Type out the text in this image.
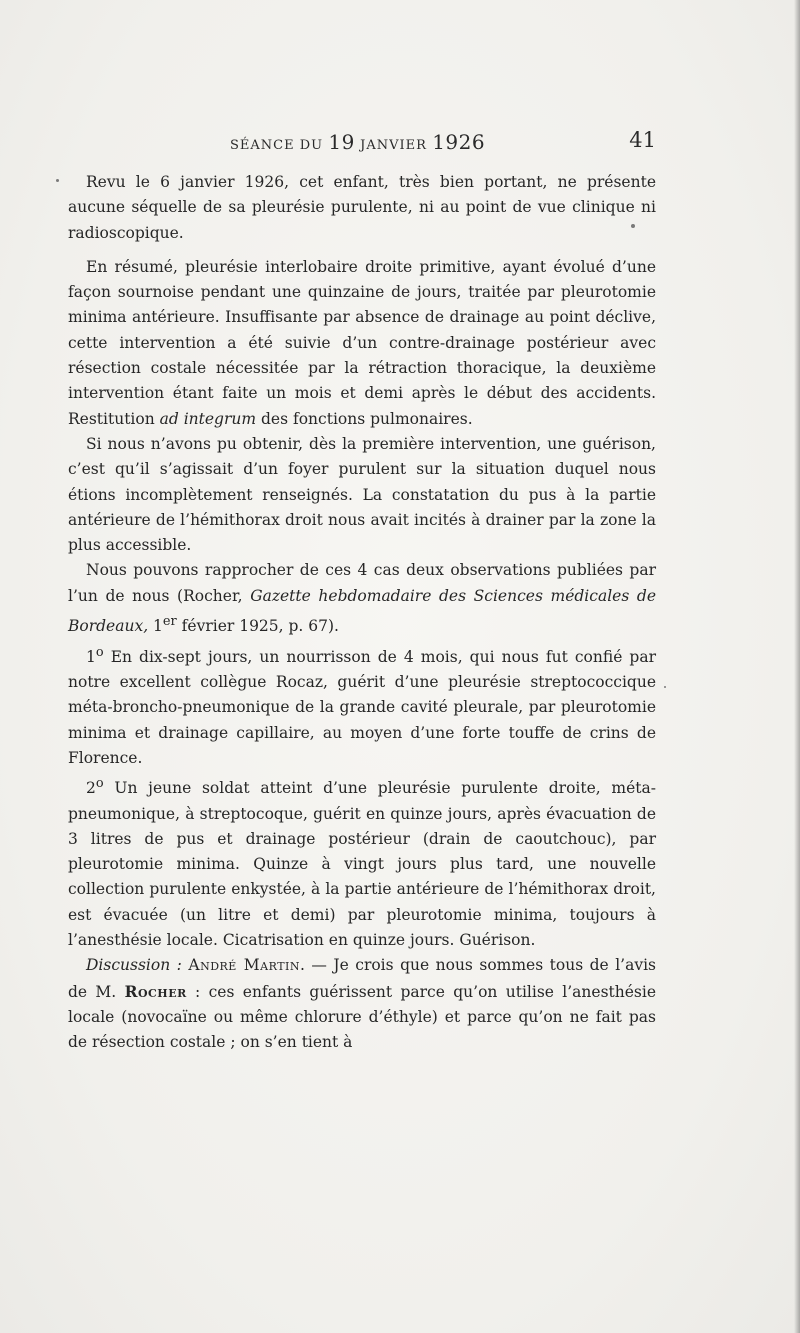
SÉANCE DU 19 JANVIER 1926	41

Revu le 6 janvier 1926, cet enfant, très bien portant, ne présente aucune séquelle de sa pleurésie purulente, ni au point de vue clinique ni radioscopique.

En résumé, pleurésie interlobaire droite primitive, ayant évolué d’une façon sournoise pendant une quinzaine de jours, traitée par pleurotomie minima antérieure. Insuffisante par absence de drainage au point déclive, cette intervention a été suivie d’un contre-drainage postérieur avec résection costale nécessitée par la rétraction thoracique, la deuxième intervention étant faite un mois et demi après le début des accidents. Restitution ad integrum des fonctions pulmonaires.

Si nous n’avons pu obtenir, dès la première intervention, une guérison, c’est qu’il s’agissait d’un foyer purulent sur la situation duquel nous étions incomplètement renseignés. La constatation du pus à la partie antérieure de l’hémithorax droit nous avait incités à drainer par la zone la plus accessible.

Nous pouvons rapprocher de ces 4 cas deux observations publiées par l’un de nous (Rocher, Gazette hebdomadaire des Sciences médicales de Bordeaux, 1er février 1925, p. 67).

1$^o$ En dix-sept jours, un nourrisson de 4 mois, qui nous fut confié par notre excellent collègue Rocaz, guérit d’une pleurésie streptococcique méta-broncho-pneumonique de la grande cavité pleurale, par pleurotomie minima et drainage capillaire, au moyen d’une forte touffe de crins de Florence.

2$^o$ Un jeune soldat atteint d’une pleurésie purulente droite, méta-pneumonique, à streptocoque, guérit en quinze jours, après évacuation de 3 litres de pus et drainage postérieur (drain de caoutchouc), par pleurotomie minima. Quinze à vingt jours plus tard, une nouvelle collection purulente enkystée, à la partie antérieure de l’hémithorax droit, est évacuée (un litre et demi) par pleurotomie minima, toujours à l’anesthésie locale. Cicatrisation en quinze jours. Guérison.

Discussion : André Martin. — Je crois que nous sommes tous de l’avis de M. Rocher : ces enfants guérissent parce qu’on utilise l’anesthésie locale (novocaïne ou même chlorure d’éthyle) et parce qu’on ne fait pas de résection costale ; on s’en tient à
